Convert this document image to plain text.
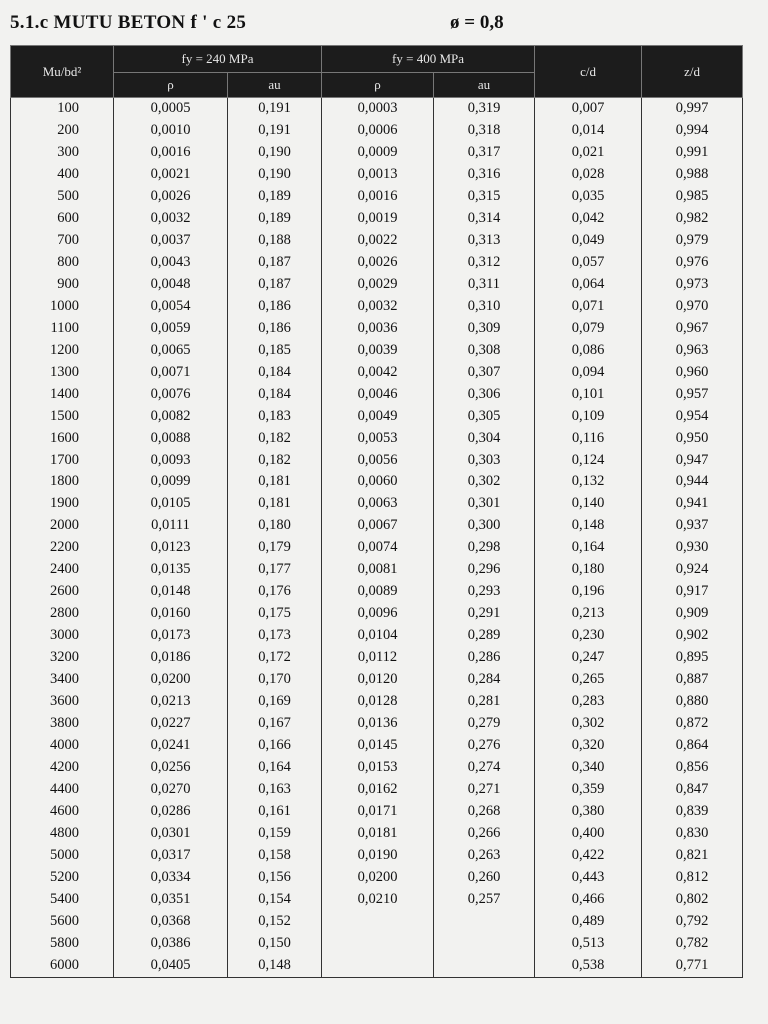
5.1.c MUTU BETON f ' c 25	ø = 0,8
Mu/bd²	fy = 240 MPa		fy = 400 MPa		c/d	z/d
	ρ	au	ρ	au		
100	0,0005	0,191	0,0003	0,319	0,007	0,997
200	0,0010	0,191	0,0006	0,318	0,014	0,994
300	0,0016	0,190	0,0009	0,317	0,021	0,991
400	0,0021	0,190	0,0013	0,316	0,028	0,988
500	0,0026	0,189	0,0016	0,315	0,035	0,985
600	0,0032	0,189	0,0019	0,314	0,042	0,982
700	0,0037	0,188	0,0022	0,313	0,049	0,979
800	0,0043	0,187	0,0026	0,312	0,057	0,976
900	0,0048	0,187	0,0029	0,311	0,064	0,973
1000	0,0054	0,186	0,0032	0,310	0,071	0,970
1100	0,0059	0,186	0,0036	0,309	0,079	0,967
1200	0,0065	0,185	0,0039	0,308	0,086	0,963
1300	0,0071	0,184	0,0042	0,307	0,094	0,960
1400	0,0076	0,184	0,0046	0,306	0,101	0,957
1500	0,0082	0,183	0,0049	0,305	0,109	0,954
1600	0,0088	0,182	0,0053	0,304	0,116	0,950
1700	0,0093	0,182	0,0056	0,303	0,124	0,947
1800	0,0099	0,181	0,0060	0,302	0,132	0,944
1900	0,0105	0,181	0,0063	0,301	0,140	0,941
2000	0,0111	0,180	0,0067	0,300	0,148	0,937
2200	0,0123	0,179	0,0074	0,298	0,164	0,930
2400	0,0135	0,177	0,0081	0,296	0,180	0,924
2600	0,0148	0,176	0,0089	0,293	0,196	0,917
2800	0,0160	0,175	0,0096	0,291	0,213	0,909
3000	0,0173	0,173	0,0104	0,289	0,230	0,902
3200	0,0186	0,172	0,0112	0,286	0,247	0,895
3400	0,0200	0,170	0,0120	0,284	0,265	0,887
3600	0,0213	0,169	0,0128	0,281	0,283	0,880
3800	0,0227	0,167	0,0136	0,279	0,302	0,872
4000	0,0241	0,166	0,0145	0,276	0,320	0,864
4200	0,0256	0,164	0,0153	0,274	0,340	0,856
4400	0,0270	0,163	0,0162	0,271	0,359	0,847
4600	0,0286	0,161	0,0171	0,268	0,380	0,839
4800	0,0301	0,159	0,0181	0,266	0,400	0,830
5000	0,0317	0,158	0,0190	0,263	0,422	0,821
5200	0,0334	0,156	0,0200	0,260	0,443	0,812
5400	0,0351	0,154	0,0210	0,257	0,466	0,802
5600	0,0368	0,152			0,489	0,792
5800	0,0386	0,150			0,513	0,782
6000	0,0405	0,148			0,538	0,771
